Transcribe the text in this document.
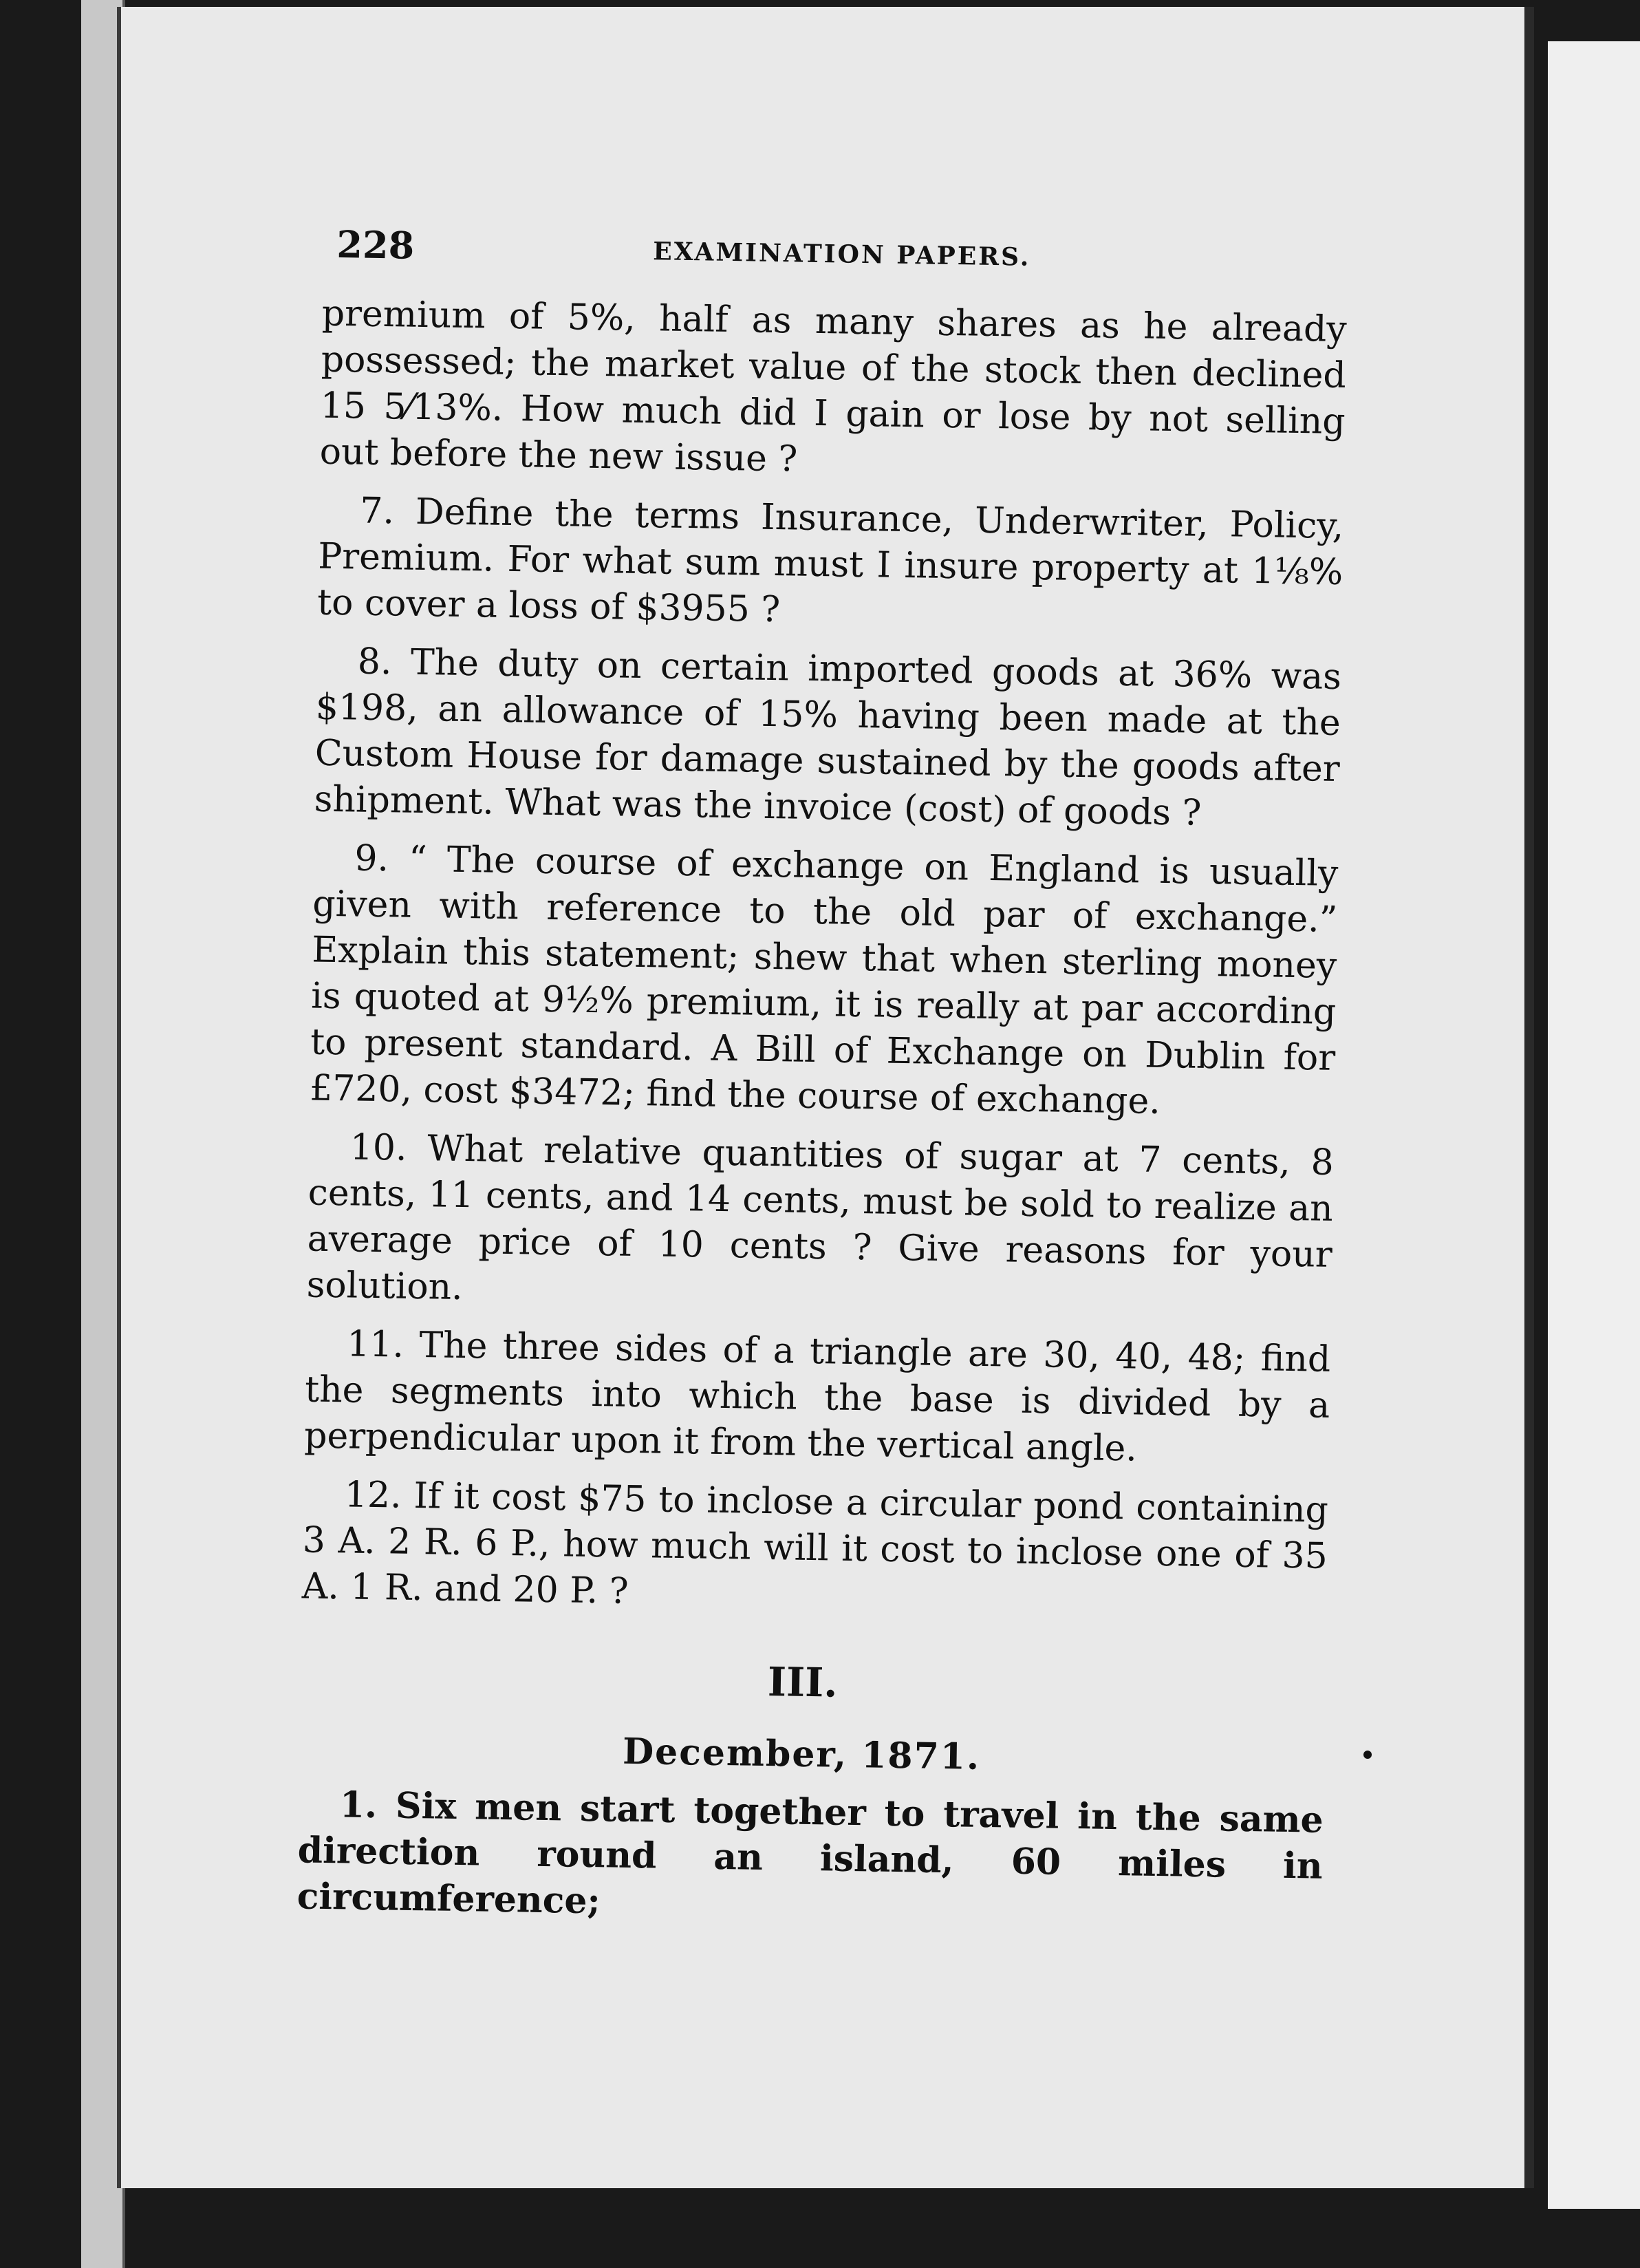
228	EXAMINATION PAPERS.

premium of 5%, half as many shares as he already possessed; the market value of the stock then declined 15 5⁄13%. How much did I gain or lose by not selling out before the new issue ?

7. Define the terms Insurance, Underwriter, Policy, Premium. For what sum must I insure property at 1⅛% to cover a loss of $3955 ?

8. The duty on certain imported goods at 36% was $198, an allowance of 15% having been made at the Custom House for damage sustained by the goods after shipment. What was the invoice (cost) of goods ?

9. “ The course of exchange on England is usually given with reference to the old par of exchange.” Explain this statement; shew that when sterling money is quoted at 9½% premium, it is really at par according to present standard. A Bill of Exchange on Dublin for £720, cost $3472; find the course of exchange.

10. What relative quantities of sugar at 7 cents, 8 cents, 11 cents, and 14 cents, must be sold to realize an average price of 10 cents ? Give reasons for your solution.

11. The three sides of a triangle are 30, 40, 48; find the segments into which the base is divided by a perpendicular upon it from the vertical angle.

12. If it cost $75 to inclose a circular pond containing 3 A. 2 R. 6 P., how much will it cost to inclose one of 35 A. 1 R. and 20 P. ?

III.
December, 1871.

1. Six men start together to travel in the same direction round an island, 60 miles in circumference;
